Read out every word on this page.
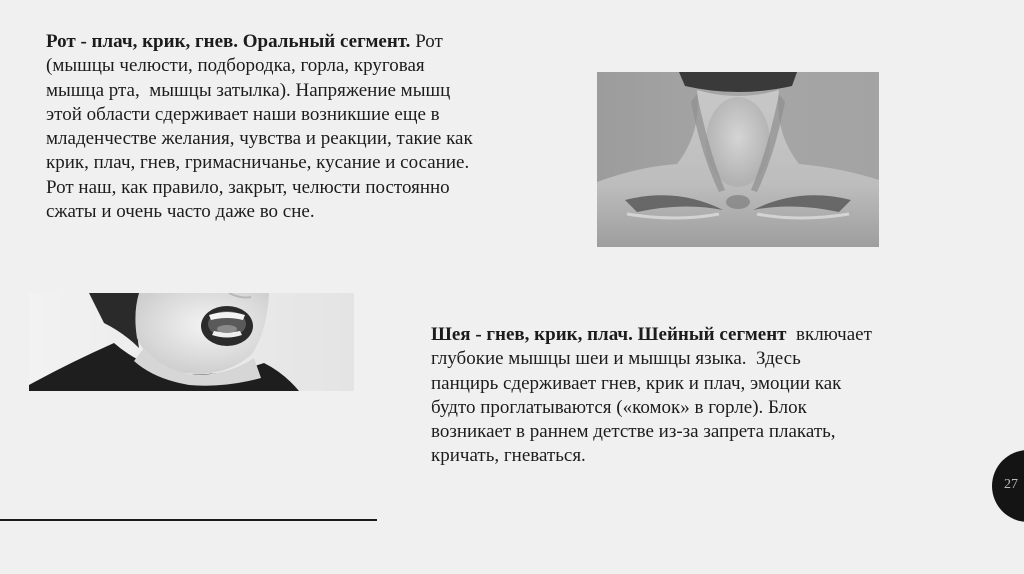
Рот - плач, крик, гнев. Оральный сегмент. Рот
(мышцы челюсти, подбородка, горла, круговая
мышца рта,  мышцы затылка). Напряжение мышц
этой области сдерживает наши возникшие еще в
младенчестве желания, чувства и реакции, такие как
крик, плач, гнев, гримасничанье, кусание и сосание.
Рот наш, как правило, закрыт, челюсти постоянно
сжаты и очень часто даже во сне.
Шея - гнев, крик, плач. Шейный сегмент  включает
глубокие мышцы шеи и мышцы языка.  Здесь
панцирь сдерживает гнев, крик и плач, эмоции как
будто проглатываются («комок» в горле). Блок
возникает в раннем детстве из-за запрета плакать,
кричать, гневаться.
27
